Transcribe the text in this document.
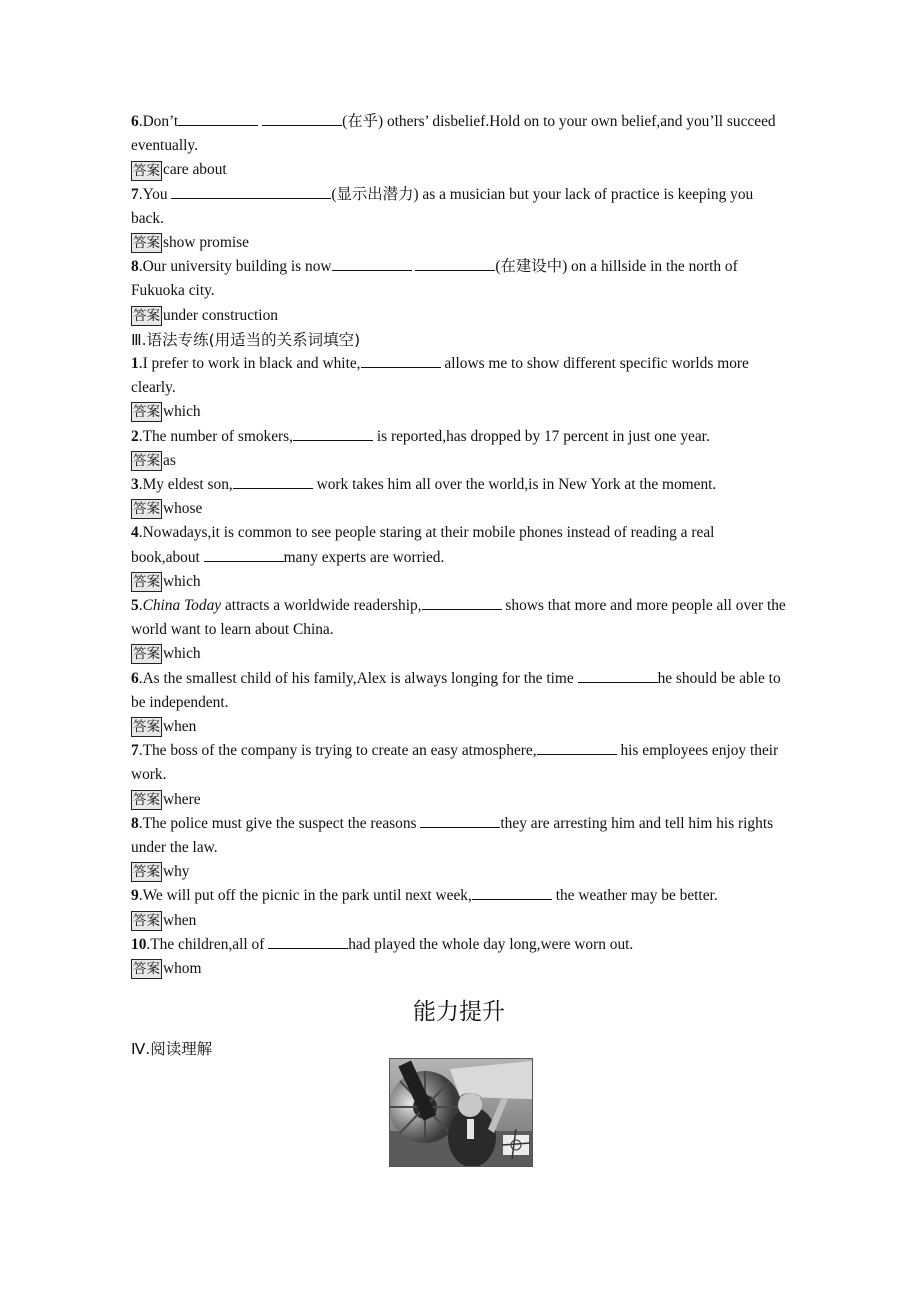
6.Don’t	(在乎) others’ disbelief.Hold on to your own belief,and you’ll succeed eventually.

答案 care about

7.You	(显示出潜力) as a musician but your lack of practice is keeping you back.

答案 show promise

8.Our university building is now	(在建设中) on a hillside in the north of Fukuoka city.

答案 under construction

Ⅲ.语法专练(用适当的关系词填空)

1.I prefer to work in black and white,	allows me to show different specific worlds more clearly.

答案 which

2.The number of smokers,	is reported,has dropped by 17 percent in just one year.

答案 as

3.My eldest son,	work takes him all over the world,is in New York at the moment.

答案 whose

4.Nowadays,it is common to see people staring at their mobile phones instead of reading a real book,about	many experts are worried.

答案 which

5.China Today attracts a worldwide readership,	shows that more and more people all over the world want to learn about China.

答案 which

6.As the smallest child of his family,Alex is always longing for the time	he should be able to be independent.

答案 when

7.The boss of the company is trying to create an easy atmosphere,	his employees enjoy their work.

答案 where

8.The police must give the suspect the reasons	they are arresting him and tell him his rights under the law.

答案 why

9.We will put off the picnic in the park until next week,	the weather may be better.

答案 when

10.The children,all of	had played the whole day long,were worn out.

答案 whom
能力提升

Ⅳ.阅读理解
